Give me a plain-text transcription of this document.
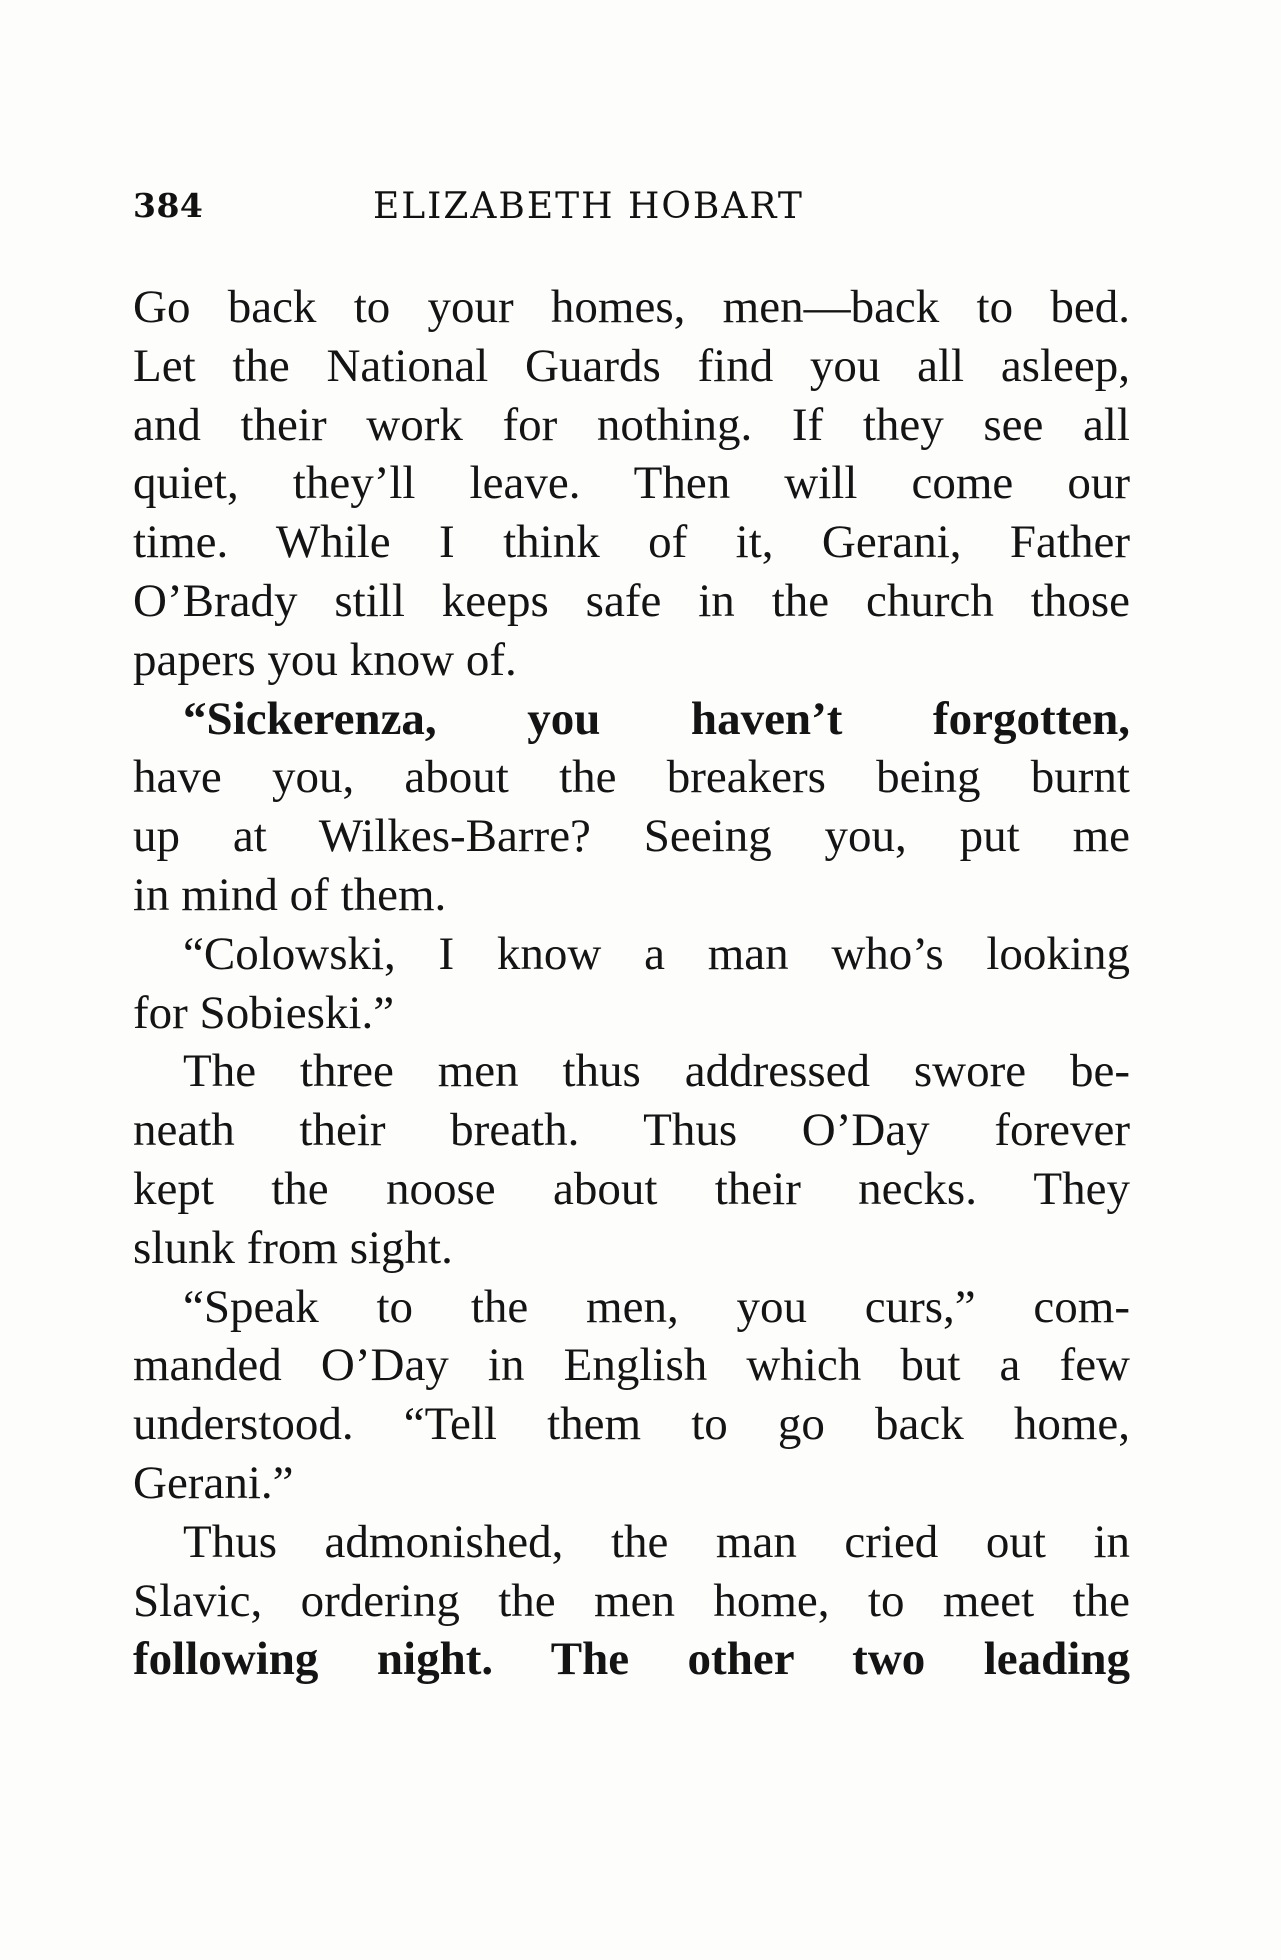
384	ELIZABETH HOBART
Go back to your homes, men—back to bed.
Let the National Guards find you all asleep,
and their work for nothing. If they see all
quiet, they’ll leave. Then will come our
time. While I think of it, Gerani, Father
O’Brady still keeps safe in the church those
papers you know of.
“Sickerenza, you haven’t forgotten,
have you, about the breakers being burnt
up at Wilkes-Barre? Seeing you, put me
in mind of them.
“Colowski, I know a man who’s looking
for Sobieski.”
The three men thus addressed swore be-
neath their breath. Thus O’Day forever
kept the noose about their necks. They
slunk from sight.
“Speak to the men, you curs,” com-
manded O’Day in English which but a few
understood. “Tell them to go back home,
Gerani.”
Thus admonished, the man cried out in
Slavic, ordering the men home, to meet the
following night. The other two leading
